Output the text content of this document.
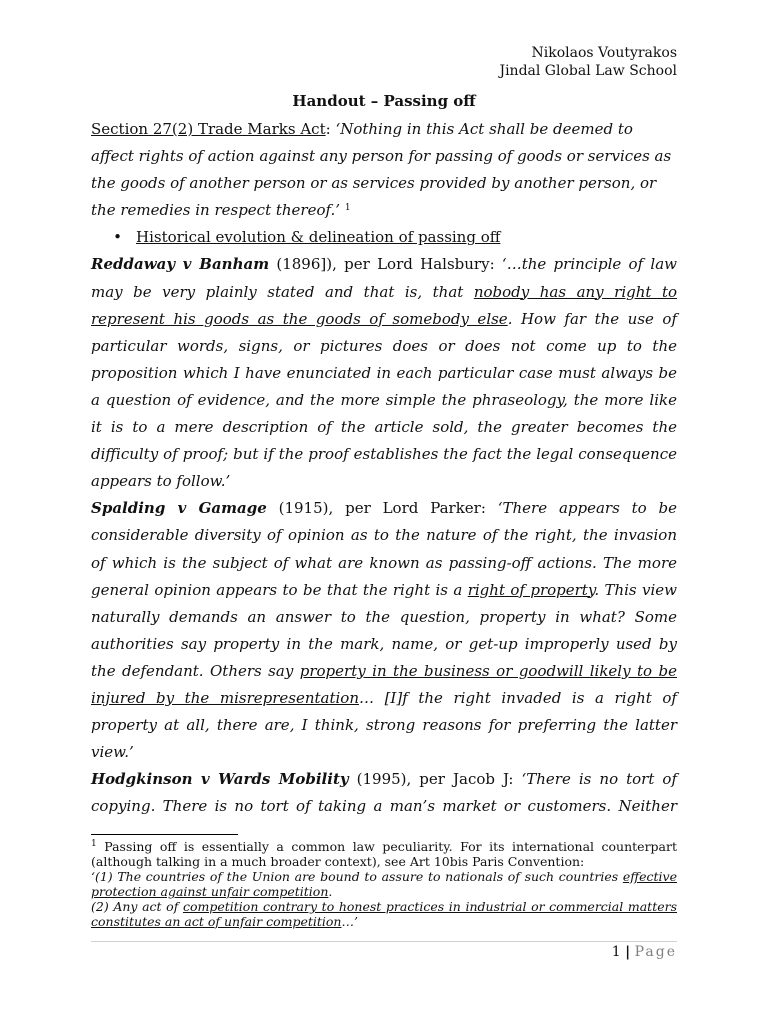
Nikolaos Voutyrakos
Jindal Global Law School
Handout – Passing off

Section 27(2) Trade Marks Act: ‘Nothing in this Act shall be deemed to affect rights of action against any person for passing of goods or services as the goods of another person or as services provided by another person, or the remedies in respect thereof.’ $^1$

• Historical evolution & delineation of passing off

Reddaway v Banham (1896]), per Lord Halsbury: ‘…the principle of law may be very plainly stated and that is, that nobody has any right to represent his goods as the goods of somebody else. How far the use of particular words, signs, or pictures does or does not come up to the proposition which I have enunciated in each particular case must always be a question of evidence, and the more simple the phraseology, the more like it is to a mere description of the article sold, the greater becomes the difficulty of proof; but if the proof establishes the fact the legal consequence appears to follow.’

Spalding v Gamage (1915), per Lord Parker: ‘There appears to be considerable diversity of opinion as to the nature of the right, the invasion of which is the subject of what are known as passing-off actions. The more general opinion appears to be that the right is a right of property. This view naturally demands an answer to the question, property in what? Some authorities say property in the mark, name, or get-up improperly used by the defendant. Others say property in the business or goodwill likely to be injured by the misrepresentation… [I]f the right invaded is a right of property at all, there are, I think, strong reasons for preferring the latter view.’

Hodgkinson v Wards Mobility (1995), per Jacob J: ‘There is no tort of copying. There is no tort of taking a man’s market or customers. Neither

$^1$ Passing off is essentially a common law peculiarity. For its international counterpart (although talking in a much broader context), see Art 10bis Paris Convention:
‘(1) The countries of the Union are bound to assure to nationals of such countries effective protection against unfair competition.
(2) Any act of competition contrary to honest practices in industrial or commercial matters constitutes an act of unfair competition…’
1 | Page
